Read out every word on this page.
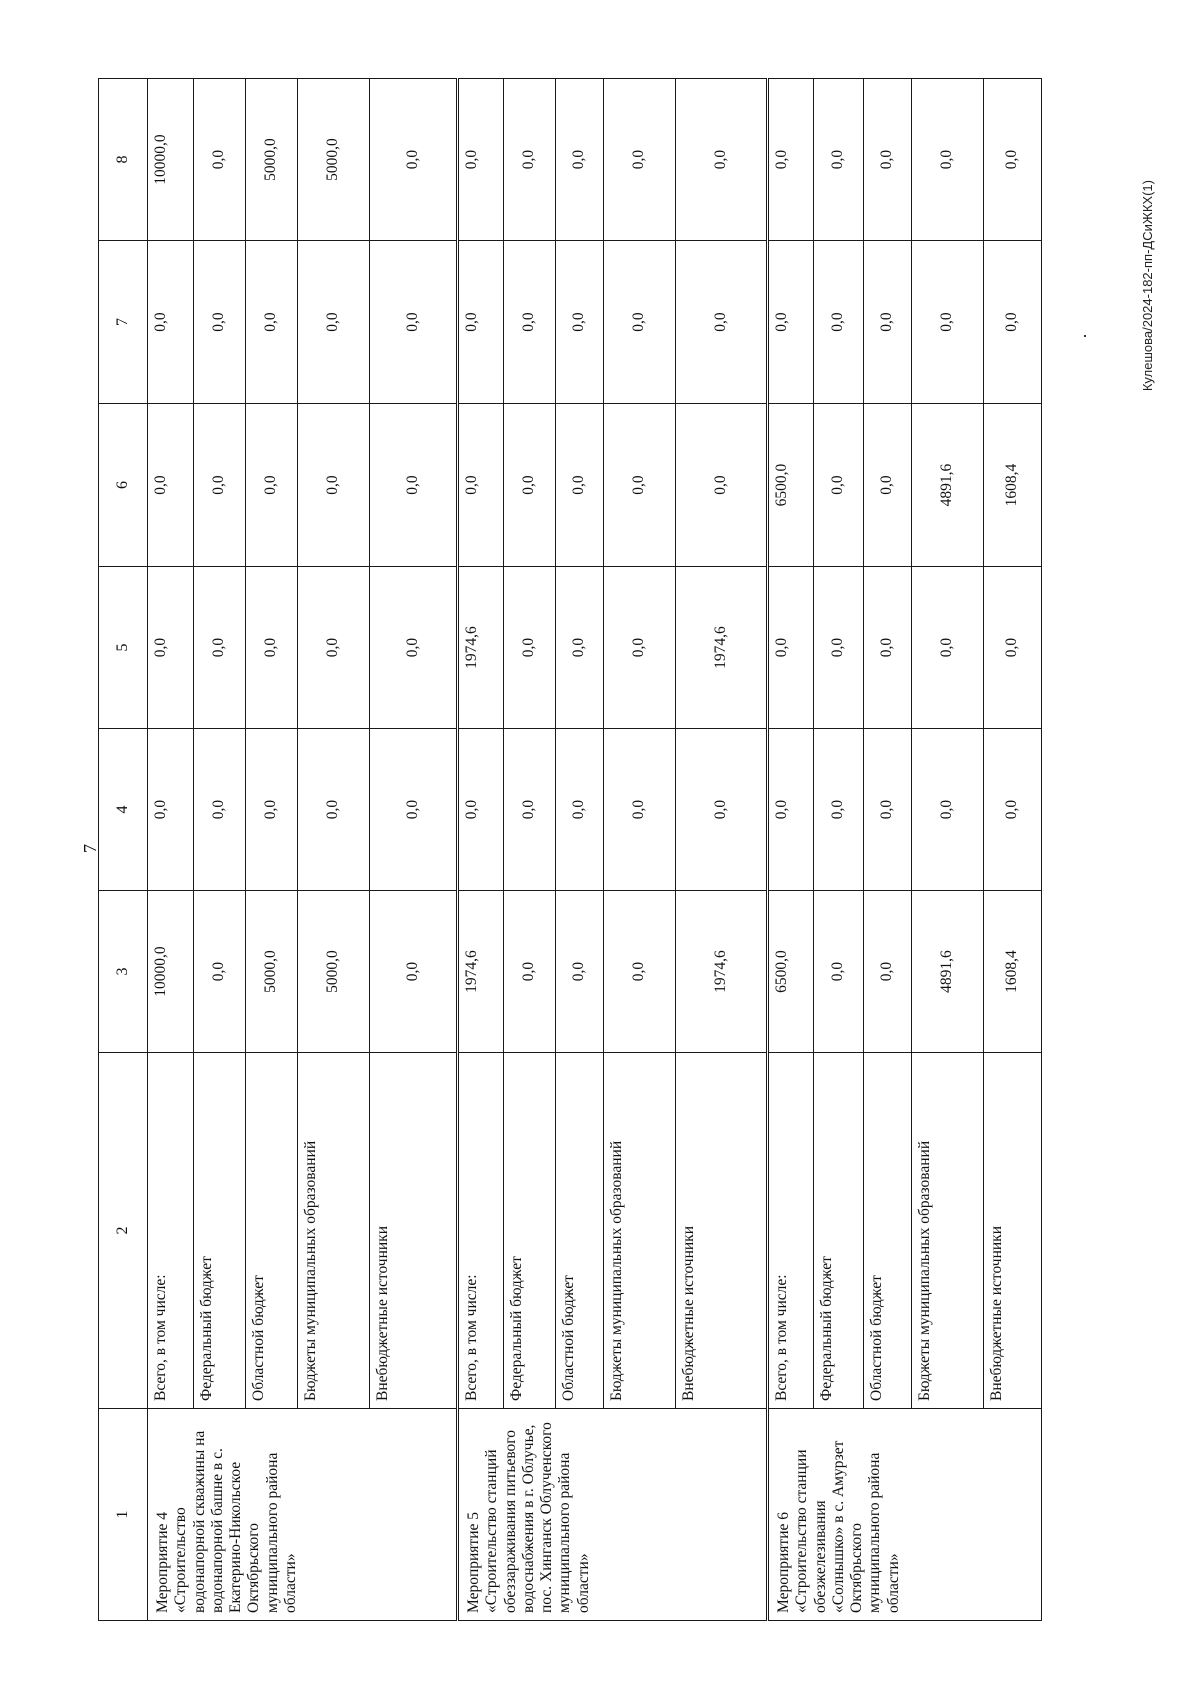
7
1	2	3	4	5	6	7	8
Мероприятие 4 «Строительство водонапорной скважины на водонапорной башне в с. Екатерино-Никольское Октябрьского муниципального района области»	Всего, в том числе:	10000,0	0,0	0,0	0,0	0,0	10000,0
	Федеральный бюджет	0,0	0,0	0,0	0,0	0,0	0,0
	Областной бюджет	5000,0	0,0	0,0	0,0	0,0	5000,0
	Бюджеты муниципальных образований	5000,0	0,0	0,0	0,0	0,0	5000,0
	Внебюджетные источники	0,0	0,0	0,0	0,0	0,0	0,0
Мероприятие 5 «Строительство станций обеззараживания питьевого водоснабжения в г. Облучье, пос. Хинганск Облученского муниципального района области»	Всего, в том числе:	1974,6	0,0	1974,6	0,0	0,0	0,0
	Федеральный бюджет	0,0	0,0	0,0	0,0	0,0	0,0
	Областной бюджет	0,0	0,0	0,0	0,0	0,0	0,0
	Бюджеты муниципальных образований	0,0	0,0	0,0	0,0	0,0	0,0
	Внебюджетные источники	1974,6	0,0	1974,6	0,0	0,0	0,0
Мероприятие 6 «Строительство станции обезжелезивания «Солнышко» в с. Амурзет Октябрьского муниципального района области»	Всего, в том числе:	6500,0	0,0	0,0	6500,0	0,0	0,0
	Федеральный бюджет	0,0	0,0	0,0	0,0	0,0	0,0
	Областной бюджет	0,0	0,0	0,0	0,0	0,0	0,0
	Бюджеты муниципальных образований	4891,6	0,0	0,0	4891,6	0,0	0,0
	Внебюджетные источники	1608,4	0,0	0,0	1608,4	0,0	0,0
Кулешова/2024-182-пп-ДСиЖКХ(1)
